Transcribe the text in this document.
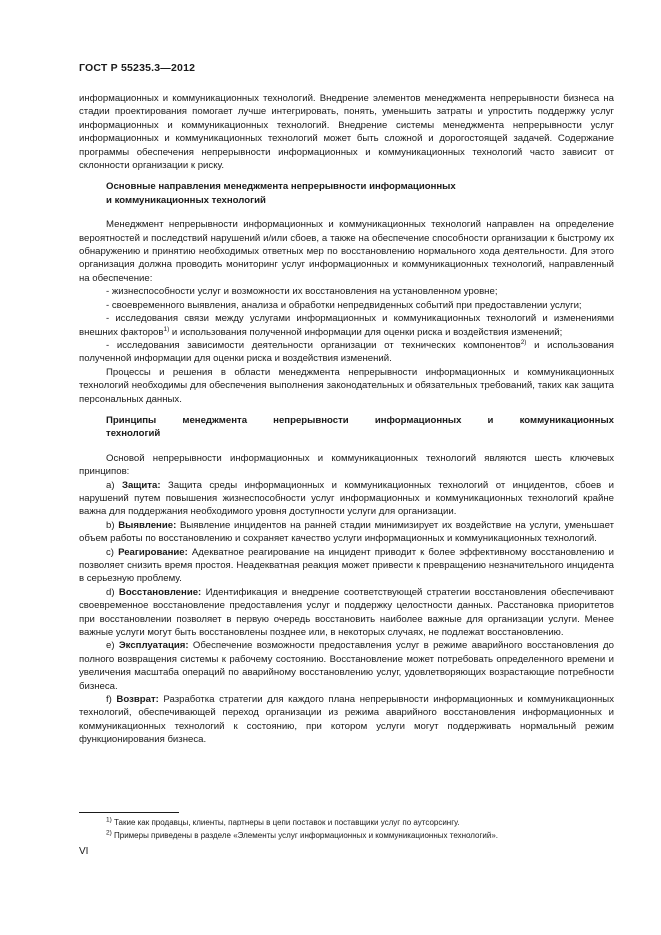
ГОСТ Р 55235.3—2012

информационных и коммуникационных технологий. Внедрение элементов менеджмента непрерывности бизнеса на стадии проектирования помогает лучше интегрировать, понять, уменьшить затраты и упростить поддержку услуг информационных и коммуникационных технологий. Внедрение системы менеджмента непрерывности услуг информационных и коммуникационных технологий может быть сложной и дорогостоящей задачей. Содержание программы обеспечения непрерывности информационных и коммуникационных технологий часто зависит от склонности организации к риску.

Основные направления менеджмента непрерывности информационных
и коммуникационных технологий

Менеджмент непрерывности информационных и коммуникационных технологий направлен на определение вероятностей и последствий нарушений и/или сбоев, а также на обеспечение способности организации к быстрому их обнаружению и принятию необходимых ответных мер по восстановлению нормального хода деятельности. Для этого организация должна проводить мониторинг услуг информационных и коммуникационных технологий, направленный на обеспечение:

- жизнеспособности услуг и возможности их восстановления на установленном уровне;

- своевременного выявления, анализа и обработки непредвиденных событий при предоставлении услуги;

- исследования связи между услугами информационных и коммуникационных технологий и изменениями внешних факторов$^{1)}$ и использования полученной информации для оценки риска и воздействия изменений;

- исследования зависимости деятельности организации от технических компонентов$^{2)}$ и использования полученной информации для оценки риска и воздействия изменений.

Процессы и решения в области менеджмента непрерывности информационных и коммуникационных технологий необходимы для обеспечения выполнения законодательных и обязательных требований, таких как защита персональных данных.

Принципы менеджмента непрерывности информационных и коммуникационных
технологий

Основой непрерывности информационных и коммуникационных технологий являются шесть ключевых принципов:

а) Защита: Защита среды информационных и коммуникационных технологий от инцидентов, сбоев и нарушений путем повышения жизнеспособности услуг информационных и коммуникационных технологий крайне важна для поддержания необходимого уровня доступности услуги для организации.

b) Выявление: Выявление инцидентов на ранней стадии минимизирует их воздействие на услуги, уменьшает объем работы по восстановлению и сохраняет качество услуги информационных и коммуникационных технологий.

c) Реагирование: Адекватное реагирование на инцидент приводит к более эффективному восстановлению и позволяет снизить время простоя. Неадекватная реакция может привести к превращению незначительного инцидента в серьезную проблему.

d) Восстановление: Идентификация и внедрение соответствующей стратегии восстановления обеспечивают своевременное восстановление предоставления услуг и поддержку целостности данных. Расстановка приоритетов при восстановлении позволяет в первую очередь восстановить наиболее важные для организации услуги. Менее важные услуги могут быть восстановлены позднее или, в некоторых случаях, не подлежат восстановлению.

e) Эксплуатация: Обеспечение возможности предоставления услуг в режиме аварийного восстановления до полного возвращения системы к рабочему состоянию. Восстановление может потребовать определенного времени и увеличения масштаба операций по аварийному восстановлению услуг, удовлетворяющих возрастающие потребности бизнеса.

f) Возврат: Разработка стратегии для каждого плана непрерывности информационных и коммуникационных технологий, обеспечивающей переход организации из режима аварийного восстановления информационных и коммуникационных технологий к состоянию, при котором услуги могут поддерживать нормальный режим функционирования бизнеса.

$^{1)}$ Такие как продавцы, клиенты, партнеры в цепи поставок и поставщики услуг по аутсорсингу.

$^{2)}$ Примеры приведены в разделе «Элементы услуг информационных и коммуникационных технологий».

VI
